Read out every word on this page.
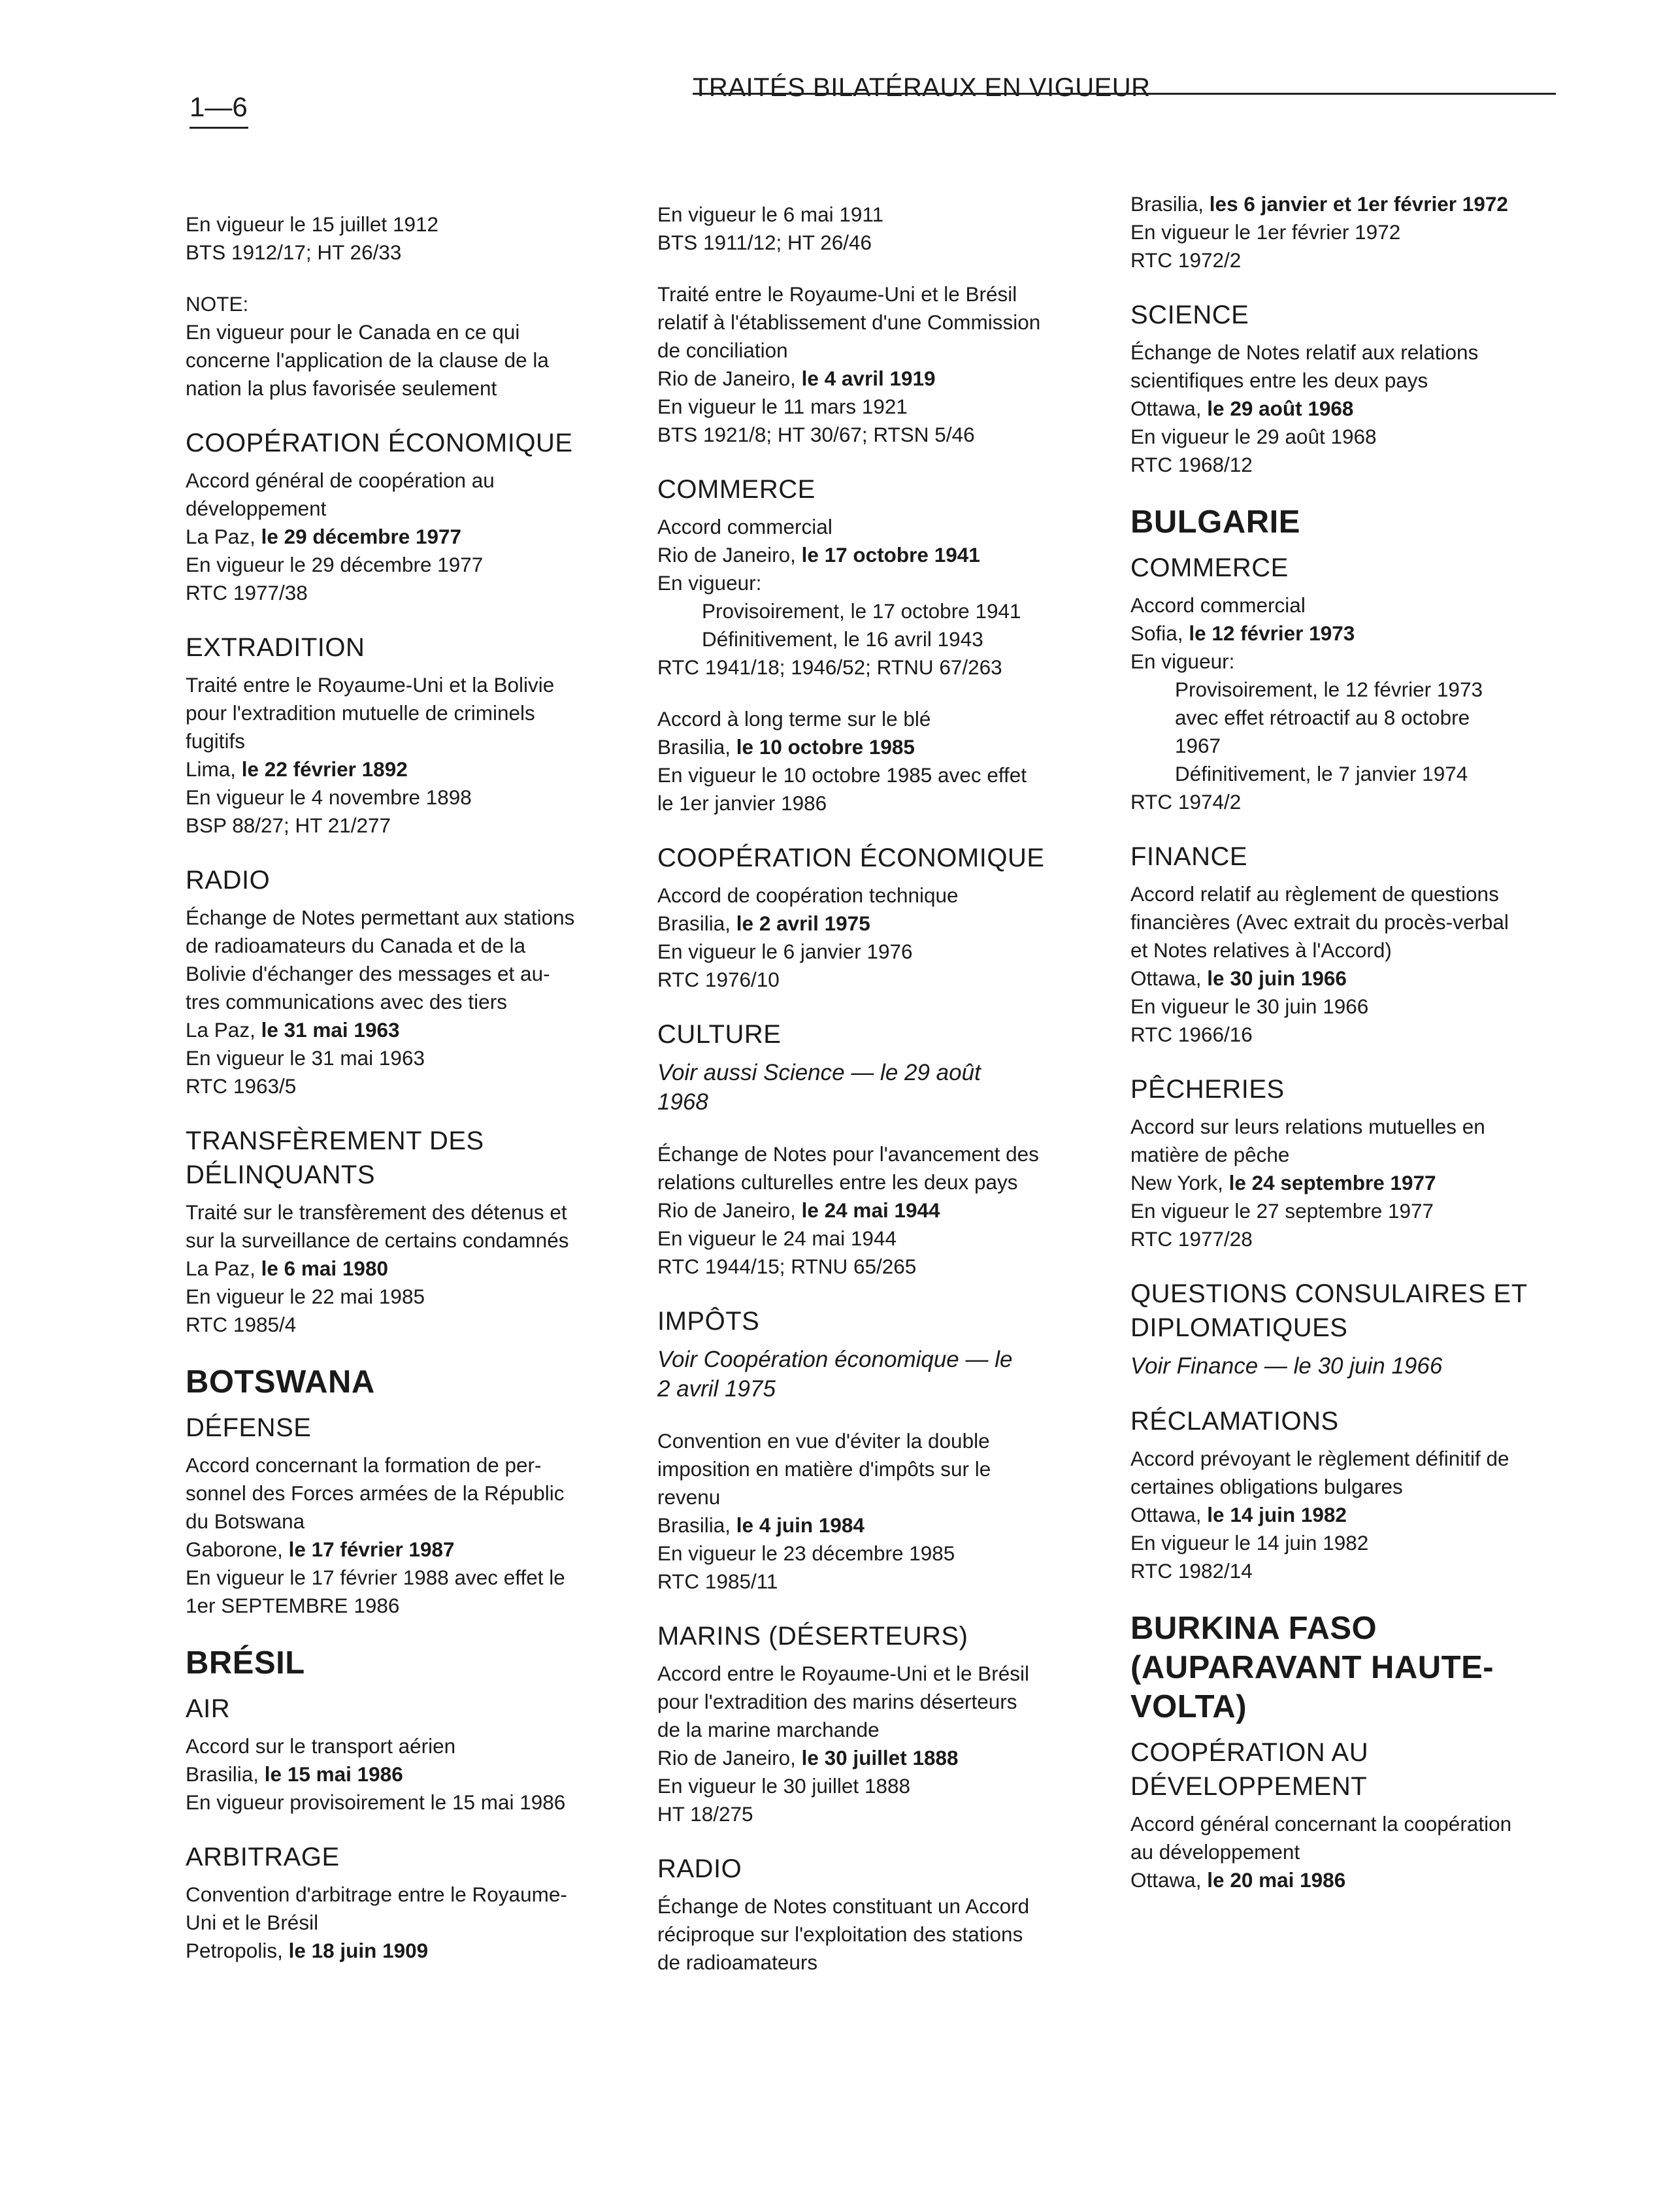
1—6
TRAITÉS BILATÉRAUX EN VIGUEUR
En vigueur le 15 juillet 1912
BTS 1912/17; HT 26/33
NOTE:
En vigueur pour le Canada en ce qui
concerne l'application de la clause de la
nation la plus favorisée seulement
COOPÉRATION ÉCONOMIQUE
Accord général de coopération au
développement
La Paz, le 29 décembre 1977
En vigueur le 29 décembre 1977
RTC 1977/38
EXTRADITION
Traité entre le Royaume-Uni et la Bolivie
pour l'extradition mutuelle de criminels
fugitifs
Lima, le 22 février 1892
En vigueur le 4 novembre 1898
BSP 88/27; HT 21/277
RADIO
Échange de Notes permettant aux stations
de radioamateurs du Canada et de la
Bolivie d'échanger des messages et au-
tres communications avec des tiers
La Paz, le 31 mai 1963
En vigueur le 31 mai 1963
RTC 1963/5
TRANSFÈREMENT DES DÉLINQUANTS
Traité sur le transfèrement des détenus et
sur la surveillance de certains condamnés
La Paz, le 6 mai 1980
En vigueur le 22 mai 1985
RTC 1985/4
BOTSWANA
DÉFENSE
Accord concernant la formation de per-
sonnel des Forces armées de la Républic
du Botswana
Gaborone, le 17 février 1987
En vigueur le 17 février 1988 avec effet le
1er SEPTEMBRE 1986
BRÉSIL
AIR
Accord sur le transport aérien
Brasilia, le 15 mai 1986
En vigueur provisoirement le 15 mai 1986
ARBITRAGE
Convention d'arbitrage entre le Royaume-
Uni et le Brésil
Petropolis, le 18 juin 1909
En vigueur le 6 mai 1911
BTS 1911/12; HT 26/46
Traité entre le Royaume-Uni et le Brésil
relatif à l'établissement d'une Commission
de conciliation
Rio de Janeiro, le 4 avril 1919
En vigueur le 11 mars 1921
BTS 1921/8; HT 30/67; RTSN 5/46
COMMERCE
Accord commercial
Rio de Janeiro, le 17 octobre 1941
En vigueur:
Provisoirement, le 17 octobre 1941
Définitivement, le 16 avril 1943
RTC 1941/18; 1946/52; RTNU 67/263
Accord à long terme sur le blé
Brasilia, le 10 octobre 1985
En vigueur le 10 octobre 1985 avec effet
le 1er janvier 1986
COOPÉRATION ÉCONOMIQUE
Accord de coopération technique
Brasilia, le 2 avril 1975
En vigueur le 6 janvier 1976
RTC 1976/10
CULTURE
Voir aussi Science — le 29 août
1968
Échange de Notes pour l'avancement des
relations culturelles entre les deux pays
Rio de Janeiro, le 24 mai 1944
En vigueur le 24 mai 1944
RTC 1944/15; RTNU 65/265
IMPÔTS
Voir Coopération économique — le
2 avril 1975
Convention en vue d'éviter la double
imposition en matière d'impôts sur le
revenu
Brasilia, le 4 juin 1984
En vigueur le 23 décembre 1985
RTC 1985/11
MARINS (DÉSERTEURS)
Accord entre le Royaume-Uni et le Brésil
pour l'extradition des marins déserteurs
de la marine marchande
Rio de Janeiro, le 30 juillet 1888
En vigueur le 30 juillet 1888
HT 18/275
RADIO
Échange de Notes constituant un Accord
réciproque sur l'exploitation des stations
de radioamateurs
Brasilia, les 6 janvier et 1er février 1972
En vigueur le 1er février 1972
RTC 1972/2
SCIENCE
Échange de Notes relatif aux relations
scientifiques entre les deux pays
Ottawa, le 29 août 1968
En vigueur le 29 août 1968
RTC 1968/12
BULGARIE
COMMERCE
Accord commercial
Sofia, le 12 février 1973
En vigueur:
Provisoirement, le 12 février 1973
avec effet rétroactif au 8 octobre
1967
Définitivement, le 7 janvier 1974
RTC 1974/2
FINANCE
Accord relatif au règlement de questions
financières (Avec extrait du procès-verbal
et Notes relatives à l'Accord)
Ottawa, le 30 juin 1966
En vigueur le 30 juin 1966
RTC 1966/16
PÊCHERIES
Accord sur leurs relations mutuelles en
matière de pêche
New York, le 24 septembre 1977
En vigueur le 27 septembre 1977
RTC 1977/28
QUESTIONS CONSULAIRES ET DIPLOMATIQUES
Voir Finance — le 30 juin 1966
RÉCLAMATIONS
Accord prévoyant le règlement définitif de
certaines obligations bulgares
Ottawa, le 14 juin 1982
En vigueur le 14 juin 1982
RTC 1982/14
BURKINA FASO (AUPARAVANT HAUTE-VOLTA)
COOPÉRATION AU DÉVELOPPEMENT
Accord général concernant la coopération
au développement
Ottawa, le 20 mai 1986
